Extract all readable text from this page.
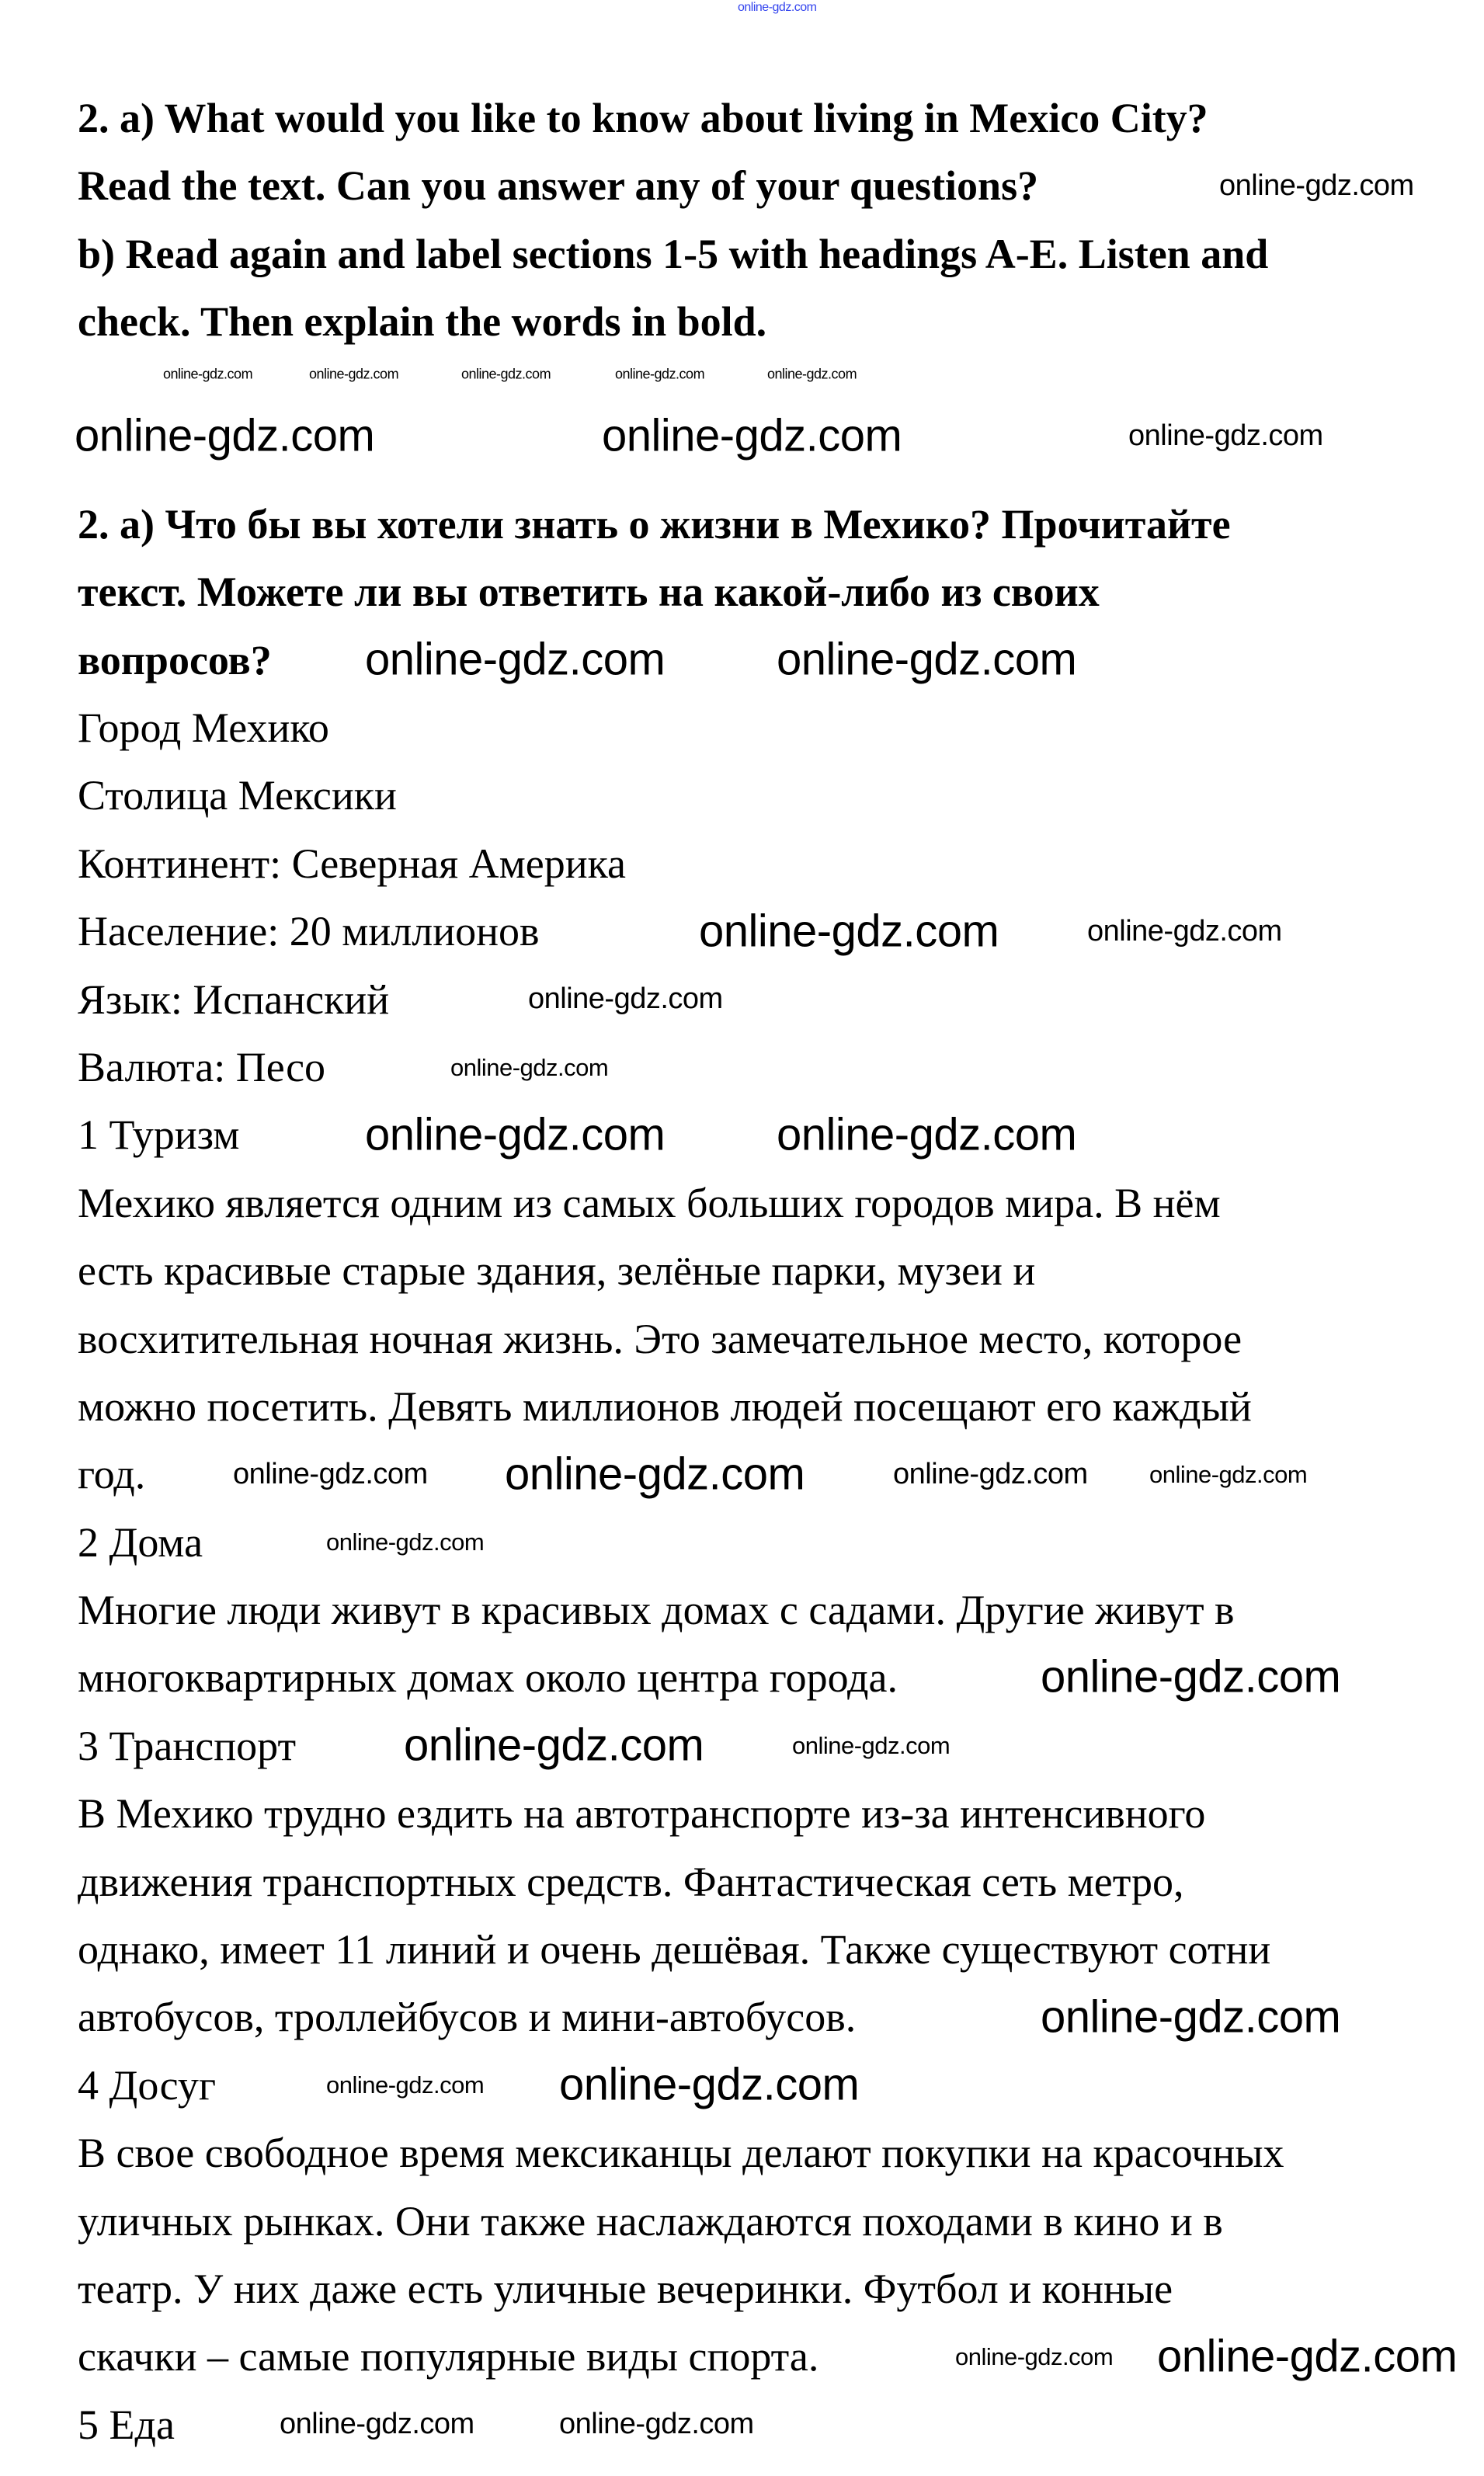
2. a) What would you like to know about living in Mexico City?
Read the text. Can you answer any of your questions?
b) Read again and label sections 1-5 with headings A-E. Listen and
check. Then explain the words in bold.
2. a) Что бы вы хотели знать о жизни в Мехико? Прочитайте
текст. Можете ли вы ответить на какой-либо из своих
вопросов?
Город Мехико
Столица Мексики
Континент: Северная Америка
Население: 20 миллионов
Язык: Испанский
Валюта: Песо
1 Туризм
Мехико является одним из самых больших городов мира. В нём
есть красивые старые здания, зелёные парки, музеи и
восхитительная ночная жизнь. Это замечательное место, которое
можно посетить. Девять миллионов людей посещают его каждый
год.
2 Дома
Многие люди живут в красивых домах с садами. Другие живут в
многоквартирных домах около центра города.
3 Транспорт
В Мехико трудно ездить на автотранспорте из-за интенсивного
движения транспортных средств. Фантастическая сеть метро,
однако, имеет 11 линий и очень дешёвая. Также существуют сотни
автобусов, троллейбусов и мини-автобусов.
4 Досуг
В свое свободное время мексиканцы делают покупки на красочных
уличных рынках. Они также наслаждаются походами в кино и в
театр. У них даже есть уличные вечеринки. Футбол и конные
скачки – самые популярные виды спорта.
5 Еда
online-gdz.com
online-gdz.com	online-gdz.com	online-gdz.com	online-gdz.com	online-gdz.com
online-gdz.com
online-gdz.com	online-gdz.com	online-gdz.com
online-gdz.com online-gdz.com
online-gdz.com	online-gdz.com
online-gdz.com
online-gdz.com
online-gdz.com online-gdz.com
online-gdz.com online-gdz.com	online-gdz.com	online-gdz.com
online-gdz.com
online-gdz.com
online-gdz.com	online-gdz.com
online-gdz.com
online-gdz.com online-gdz.com
online-gdz.com online-gdz.com
online-gdz.com	online-gdz.com
